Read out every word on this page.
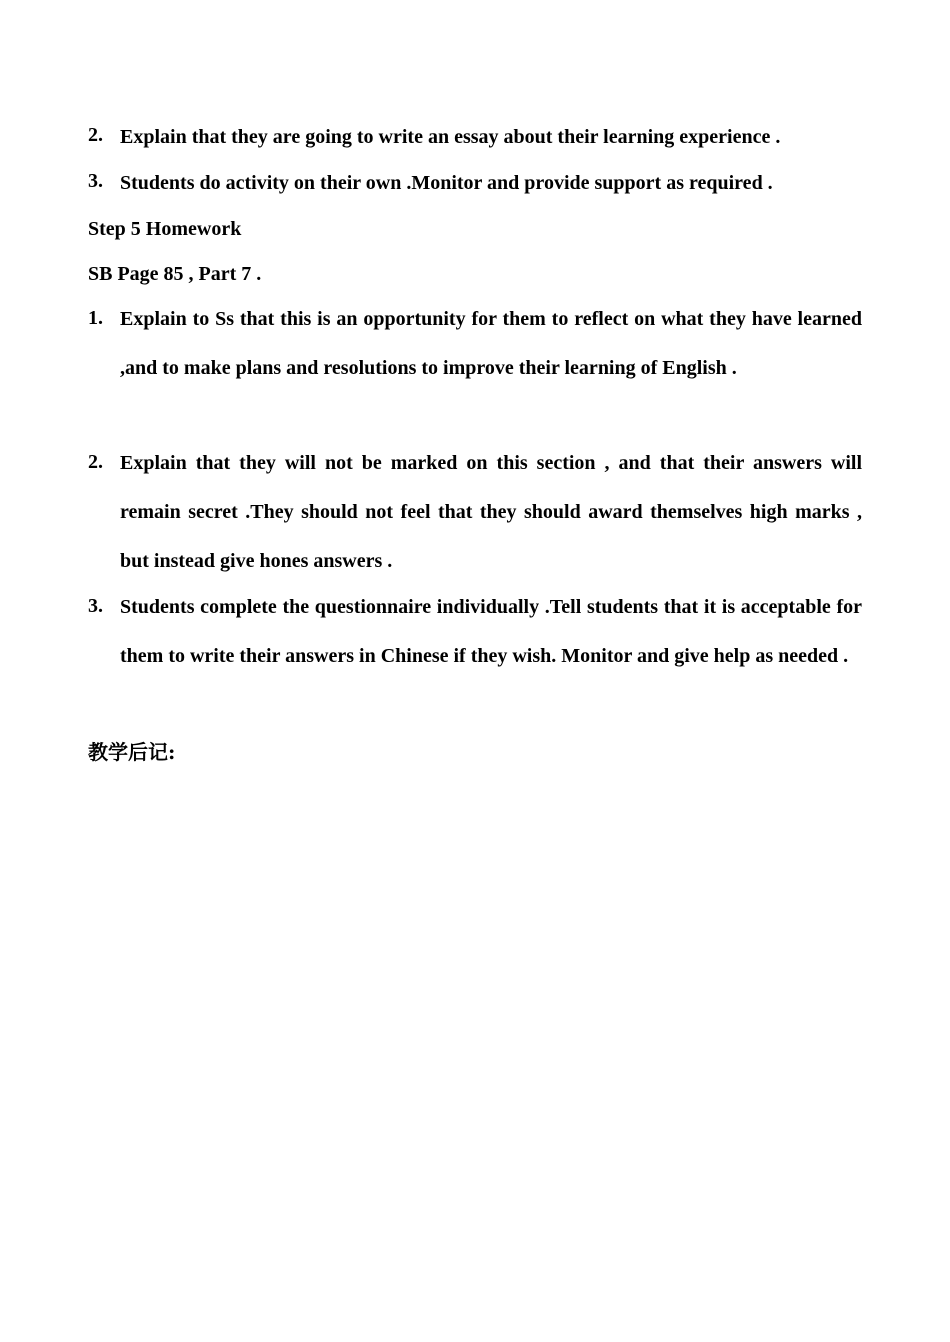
2. Explain that they are going to write an essay about their learning experience .
3. Students do activity on their own .Monitor and provide support as required .
Step 5 Homework
SB Page 85 , Part 7 .
1. Explain to Ss that this is an opportunity for them to reflect on what they have learned ,and to make plans and resolutions to improve their learning of English .
2. Explain that they will not be marked on this section , and that their answers will remain secret .They should not feel that they should award themselves high marks , but instead give hones answers .
3. Students complete the questionnaire individually .Tell students that it is acceptable for them to write their answers in Chinese if they wish. Monitor and give help as needed .
教学后记:
